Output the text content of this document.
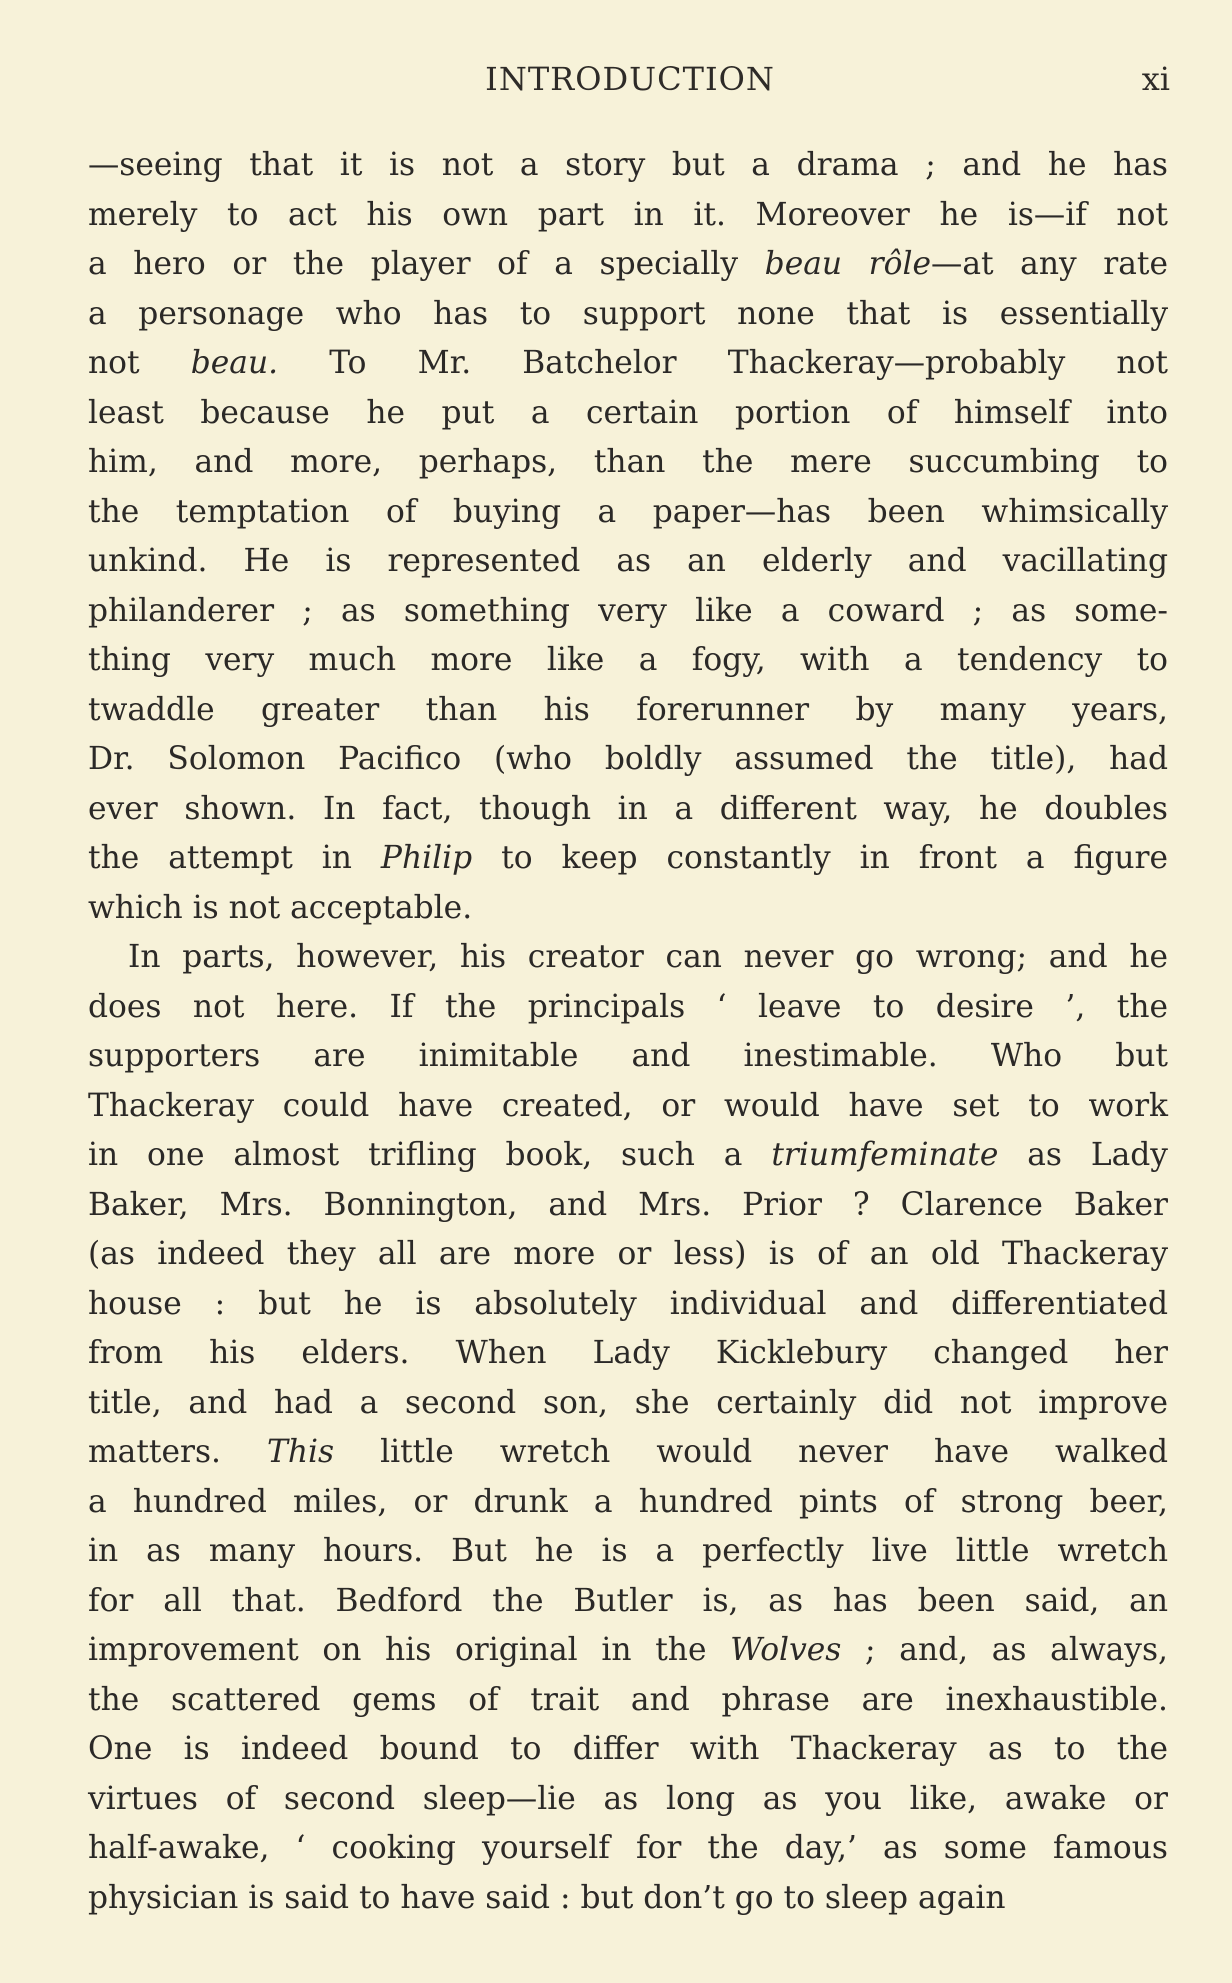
INTRODUCTION	xi
—seeing that it is not a story but a drama ; and he has
merely to act his own part in it. Moreover he is—if not
a hero or the player of a specially beau rôle—at any rate
a personage who has to support none that is essentially
not beau. To Mr. Batchelor Thackeray—probably not
least because he put a certain portion of himself into
him, and more, perhaps, than the mere succumbing to
the temptation of buying a paper—has been whimsically
unkind. He is represented as an elderly and vacillating
philanderer ; as something very like a coward ; as some-
thing very much more like a fogy, with a tendency to
twaddle greater than his forerunner by many years,
Dr. Solomon Pacifico (who boldly assumed the title), had
ever shown. In fact, though in a different way, he doubles
the attempt in Philip to keep constantly in front a figure
which is not acceptable.
In parts, however, his creator can never go wrong; and he
does not here. If the principals ‘ leave to desire ’, the
supporters are inimitable and inestimable. Who but
Thackeray could have created, or would have set to work
in one almost trifling book, such a triumfeminate as Lady
Baker, Mrs. Bonnington, and Mrs. Prior ? Clarence Baker
(as indeed they all are more or less) is of an old Thackeray
house : but he is absolutely individual and differentiated
from his elders. When Lady Kicklebury changed her
title, and had a second son, she certainly did not improve
matters. This little wretch would never have walked
a hundred miles, or drunk a hundred pints of strong beer,
in as many hours. But he is a perfectly live little wretch
for all that. Bedford the Butler is, as has been said, an
improvement on his original in the Wolves ; and, as always,
the scattered gems of trait and phrase are inexhaustible.
One is indeed bound to differ with Thackeray as to the
virtues of second sleep—lie as long as you like, awake or
half-awake, ‘ cooking yourself for the day,’ as some famous
physician is said to have said : but don’t go to sleep again
